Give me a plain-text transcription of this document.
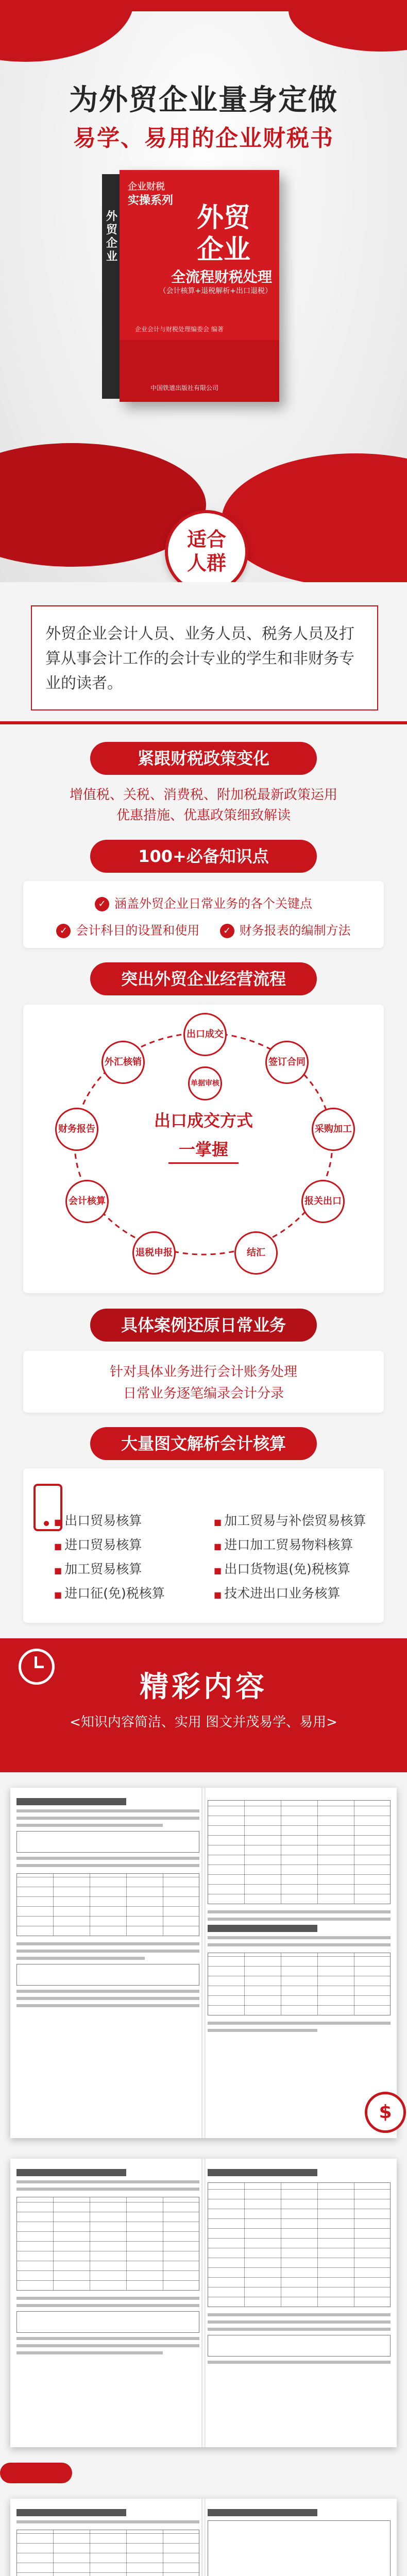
为外贸企业量身定做
易学、易用的企业财税书
外贸企业
企业财税
实操系列
外贸
企业
全流程财税处理
（会计核算+退税解析+出口退税）
企业会计与财税处理编委会 编著
中国铁道出版社有限公司
适合
人群
外贸企业会计人员、业务人员、税务人员及打算从事会计工作的会计专业的学生和非财务专业的读者。
紧跟财税政策变化
增值税、关税、消费税、附加税最新政策运用
优惠措施、优惠政策细致解读
100+必备知识点
✓ 涵盖外贸企业日常业务的各个关键点
✓ 会计科目的设置和使用	✓ 财务报表的编制方法
突出外贸企业经营流程
出口成交
签订合同
采购加工
报关出口
结汇
退税申报
会计核算
财务报告
外汇核销
单据审核
出口成交方式
一掌握
具体案例还原日常业务
针对具体业务进行会计账务处理
日常业务逐笔编录会计分录
大量图文解析会计核算
■ 出口贸易核算
■ 进口贸易核算
■ 加工贸易核算
■ 进口征(免)税核算
■ 加工贸易与补偿贸易核算
■ 进口加工贸易物料核算
■ 出口货物退(免)税核算
■ 技术进出口业务核算
精彩内容
<知识内容简洁、实用 图文并茂易学、易用>
$
